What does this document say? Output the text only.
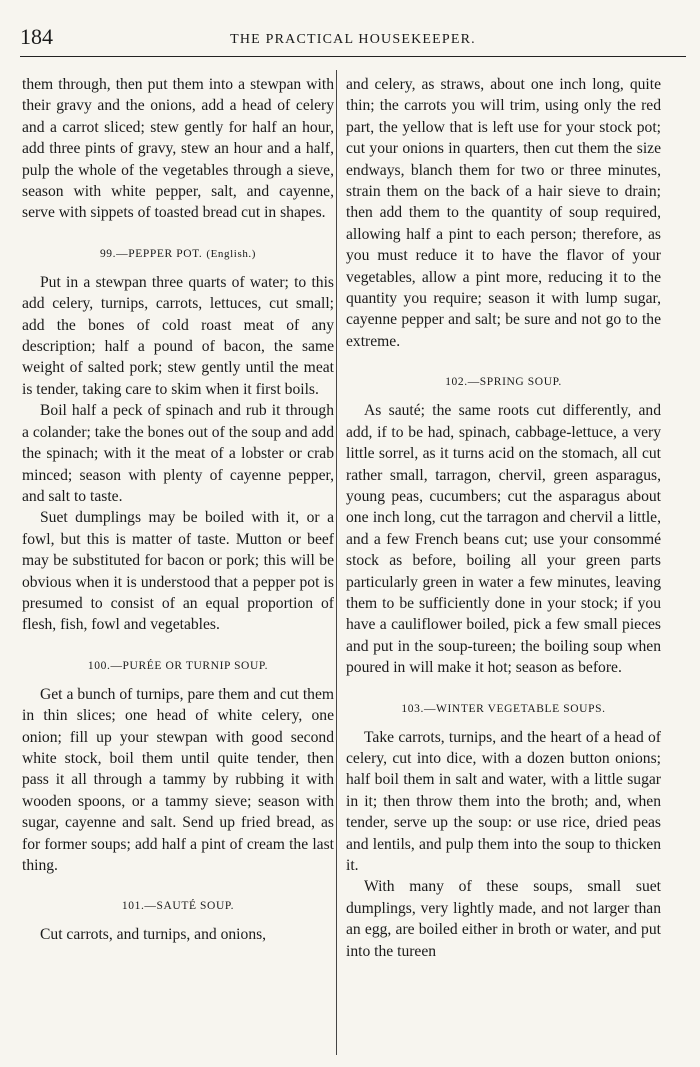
184	THE PRACTICAL HOUSEKEEPER.

them through, then put them into a stewpan with their gravy and the onions, add a head of celery and a carrot sliced; stew gently for half an hour, add three pints of gravy, stew an hour and a half, pulp the whole of the vegetables through a sieve, season with white pepper, salt, and cayenne, serve with sippets of toasted bread cut in shapes.

99.—PEPPER POT. (English.)

Put in a stewpan three quarts of water; to this add celery, turnips, carrots, lettuces, cut small; add the bones of cold roast meat of any description; half a pound of bacon, the same weight of salted pork; stew gently until the meat is tender, taking care to skim when it first boils.

Boil half a peck of spinach and rub it through a colander; take the bones out of the soup and add the spinach; with it the meat of a lobster or crab minced; season with plenty of cayenne pepper, and salt to taste.

Suet dumplings may be boiled with it, or a fowl, but this is matter of taste. Mutton or beef may be substituted for bacon or pork; this will be obvious when it is understood that a pepper pot is presumed to consist of an equal proportion of flesh, fish, fowl and vegetables.

100.—PURÉE OR TURNIP SOUP.

Get a bunch of turnips, pare them and cut them in thin slices; one head of white celery, one onion; fill up your stewpan with good second white stock, boil them until quite tender, then pass it all through a tammy by rubbing it with wooden spoons, or a tammy sieve; season with sugar, cayenne and salt. Send up fried bread, as for former soups; add half a pint of cream the last thing.

101.—SAUTÉ SOUP.

Cut carrots, and turnips, and onions,

and celery, as straws, about one inch long, quite thin; the carrots you will trim, using only the red part, the yellow that is left use for your stock pot; cut your onions in quarters, then cut them the size endways, blanch them for two or three minutes, strain them on the back of a hair sieve to drain; then add them to the quantity of soup required, allowing half a pint to each person; therefore, as you must reduce it to have the flavor of your vegetables, allow a pint more, reducing it to the quantity you require; season it with lump sugar, cayenne pepper and salt; be sure and not go to the extreme.

102.—SPRING SOUP.

As sauté; the same roots cut differently, and add, if to be had, spinach, cabbage-lettuce, a very little sorrel, as it turns acid on the stomach, all cut rather small, tarragon, chervil, green asparagus, young peas, cucumbers; cut the asparagus about one inch long, cut the tarragon and chervil a little, and a few French beans cut; use your consommé stock as before, boiling all your green parts particularly green in water a few minutes, leaving them to be sufficiently done in your stock; if you have a cauliflower boiled, pick a few small pieces and put in the soup-tureen; the boiling soup when poured in will make it hot; season as before.

103.—WINTER VEGETABLE SOUPS.

Take carrots, turnips, and the heart of a head of celery, cut into dice, with a dozen button onions; half boil them in salt and water, with a little sugar in it; then throw them into the broth; and, when tender, serve up the soup: or use rice, dried peas and lentils, and pulp them into the soup to thicken it.

With many of these soups, small suet dumplings, very lightly made, and not larger than an egg, are boiled either in broth or water, and put into the tureen
